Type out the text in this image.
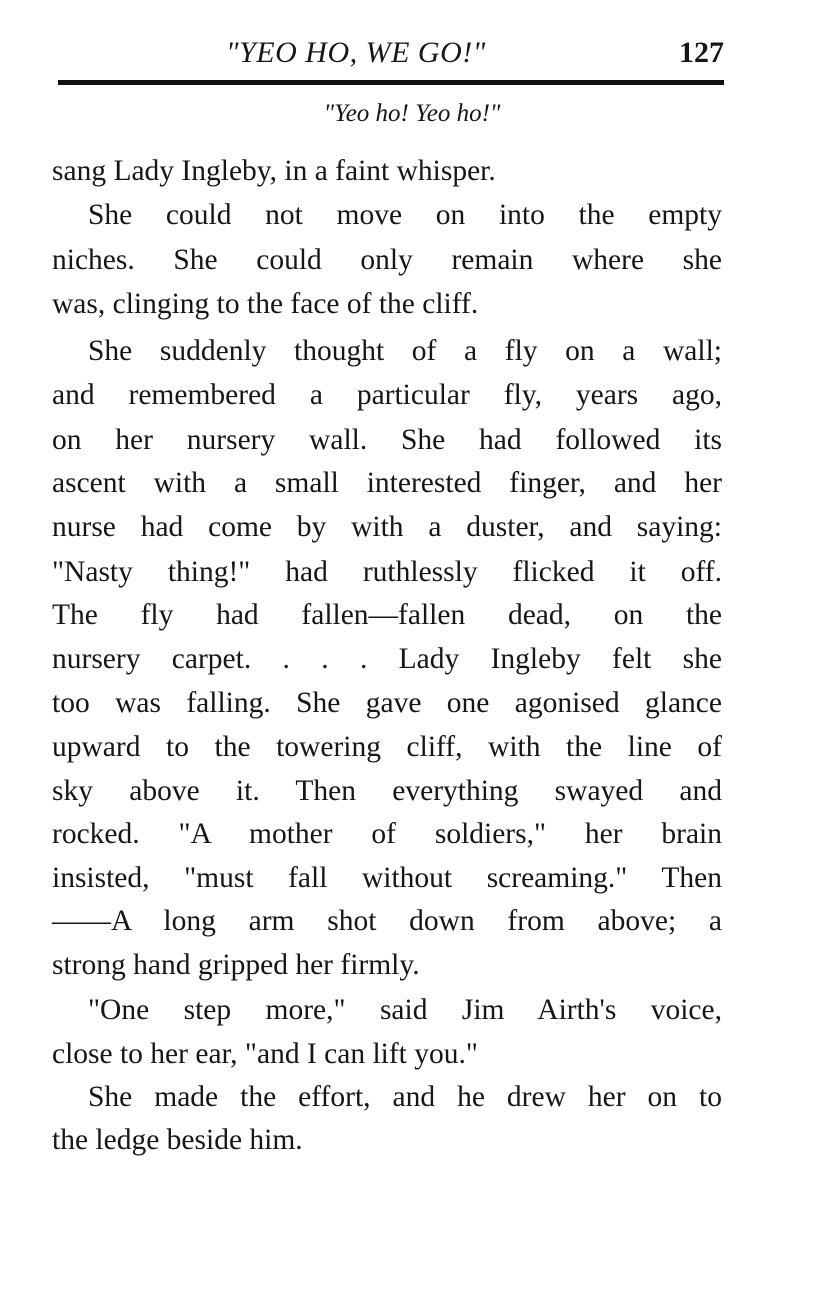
"YEO HO, WE GO!"	127
"Yeo ho! Yeo ho!"
sang Lady Ingleby, in a faint whisper.
She could not move on into the empty
niches. She could only remain where she
was, clinging to the face of the cliff.
She suddenly thought of a fly on a wall;
and remembered a particular fly, years ago,
on her nursery wall. She had followed its
ascent with a small interested finger, and her
nurse had come by with a duster, and saying:
"Nasty thing!" had ruthlessly flicked it off.
The fly had fallen—fallen dead, on the
nursery carpet. . . . Lady Ingleby felt she
too was falling. She gave one agonised glance
upward to the towering cliff, with the line of
sky above it. Then everything swayed and
rocked. "A mother of soldiers," her brain
insisted, "must fall without screaming." Then
——A long arm shot down from above; a
strong hand gripped her firmly.
"One step more," said Jim Airth's voice,
close to her ear, "and I can lift you."
She made the effort, and he drew her on to
the ledge beside him.
